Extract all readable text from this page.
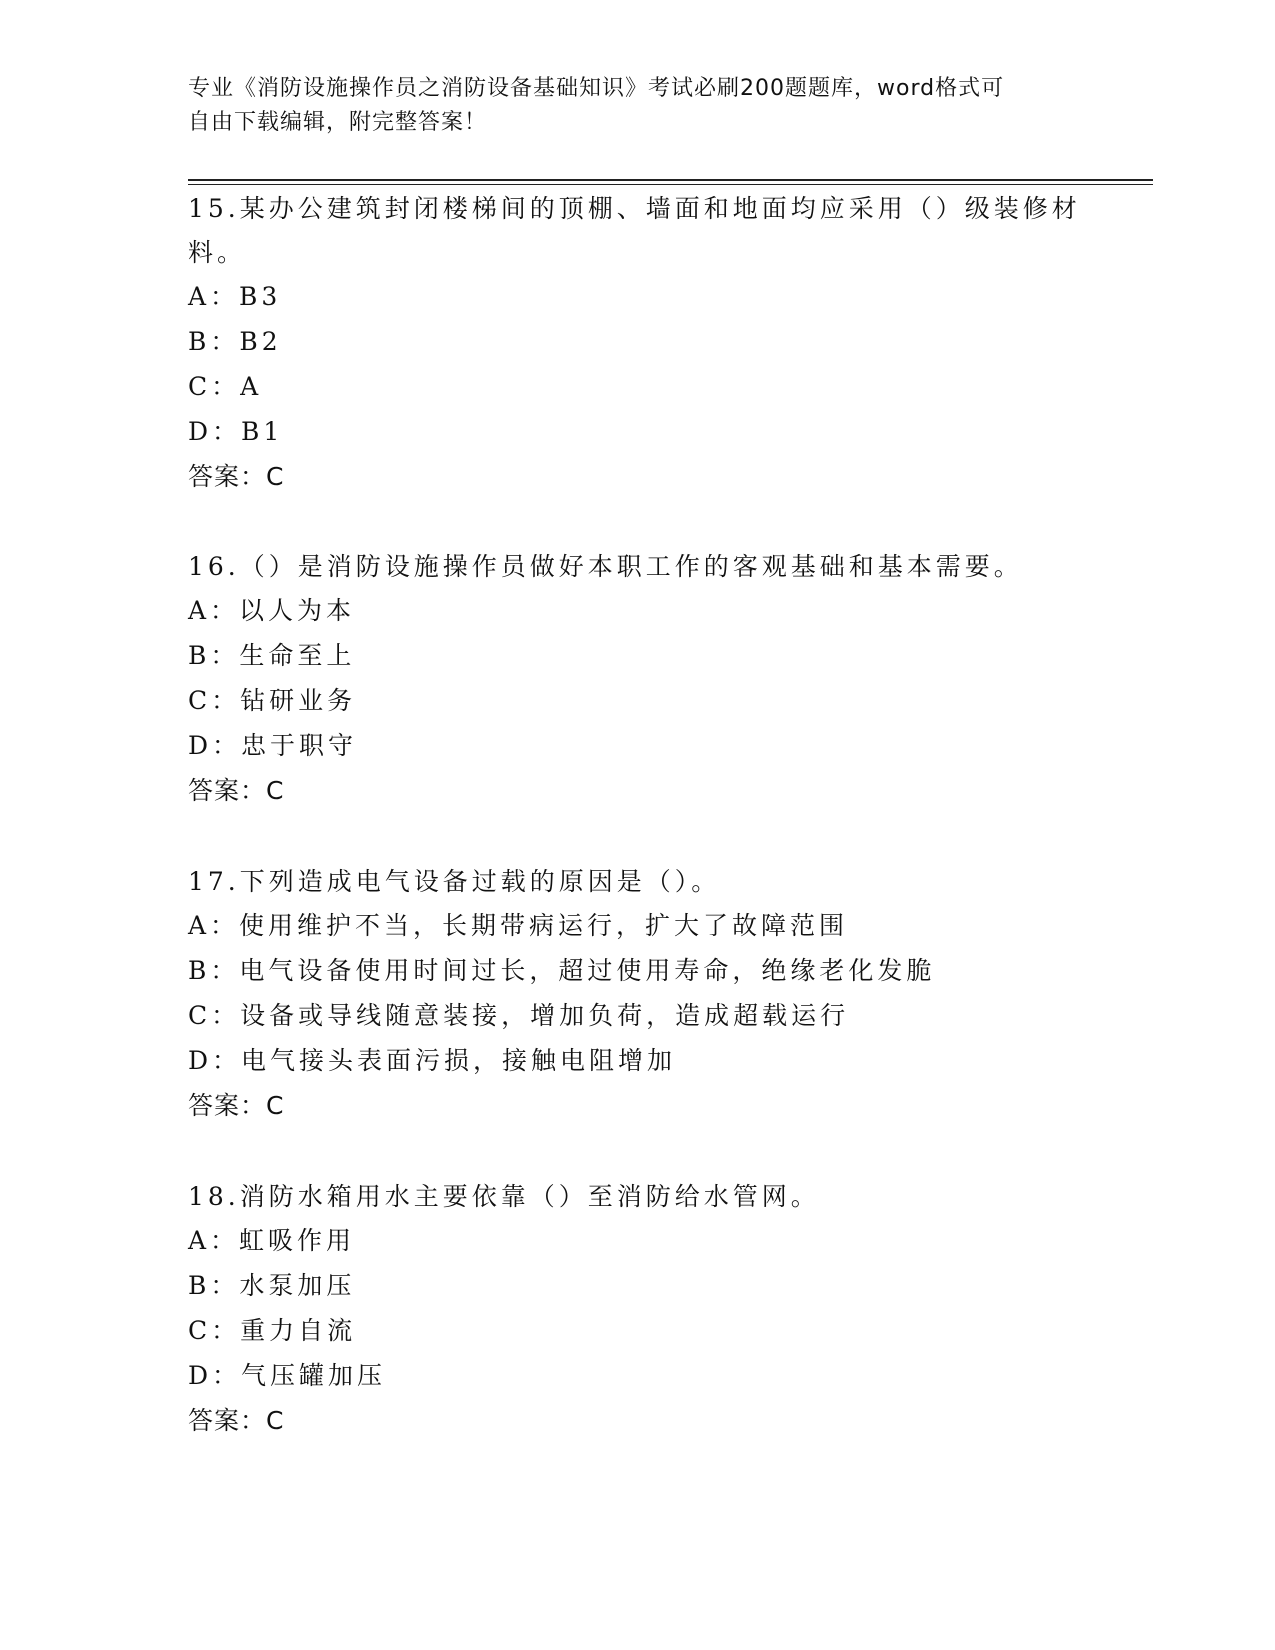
专业《消防设施操作员之消防设备基础知识》考试必刷200题题库，word格式可
自由下载编辑，附完整答案！
15.某办公建筑封闭楼梯间的顶棚、墙面和地面均应采用（）级装修材
料。
A：B3
B：B2
C：A
D：B1
答案：C
16.（）是消防设施操作员做好本职工作的客观基础和基本需要。
A：以人为本
B：生命至上
C：钻研业务
D：忠于职守
答案：C
17.下列造成电气设备过载的原因是（）。
A：使用维护不当，长期带病运行，扩大了故障范围
B：电气设备使用时间过长，超过使用寿命，绝缘老化发脆
C：设备或导线随意装接，增加负荷，造成超载运行
D：电气接头表面污损，接触电阻增加
答案：C
18.消防水箱用水主要依靠（）至消防给水管网。
A：虹吸作用
B：水泵加压
C：重力自流
D：气压罐加压
答案：C
